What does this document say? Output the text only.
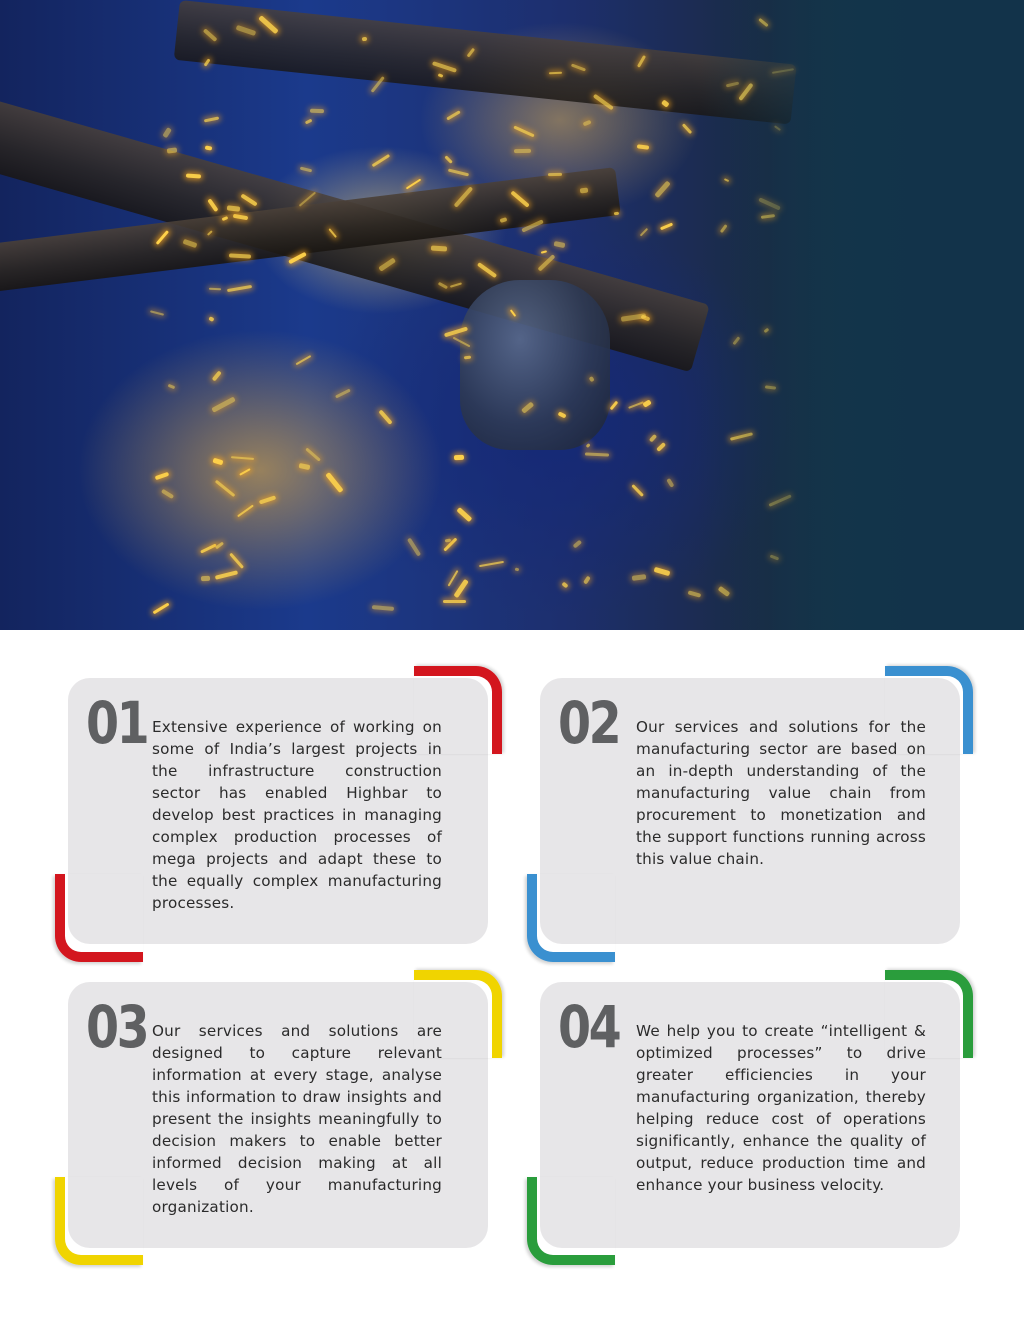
01 Extensive experience of working on some of India’s largest projects in the infrastructure construction sector has enabled Highbar to develop best practices in managing complex production processes of mega projects and adapt these to the equally complex manufacturing processes.
02 Our services and solutions for the manufacturing sector are based on an in-depth understanding of the manufacturing value chain from procurement to monetization and the support functions running across this value chain.
03 Our services and solutions are designed to capture relevant information at every stage, analyse this information to draw insights and present the insights meaningfully to decision makers to enable better informed decision making at all levels of your manufacturing organization.
04 We help you to create “intelligent & optimized processes” to drive greater efficiencies in your manufacturing organization, thereby helping reduce cost of operations significantly, enhance the quality of output, reduce production time and enhance your business velocity.
